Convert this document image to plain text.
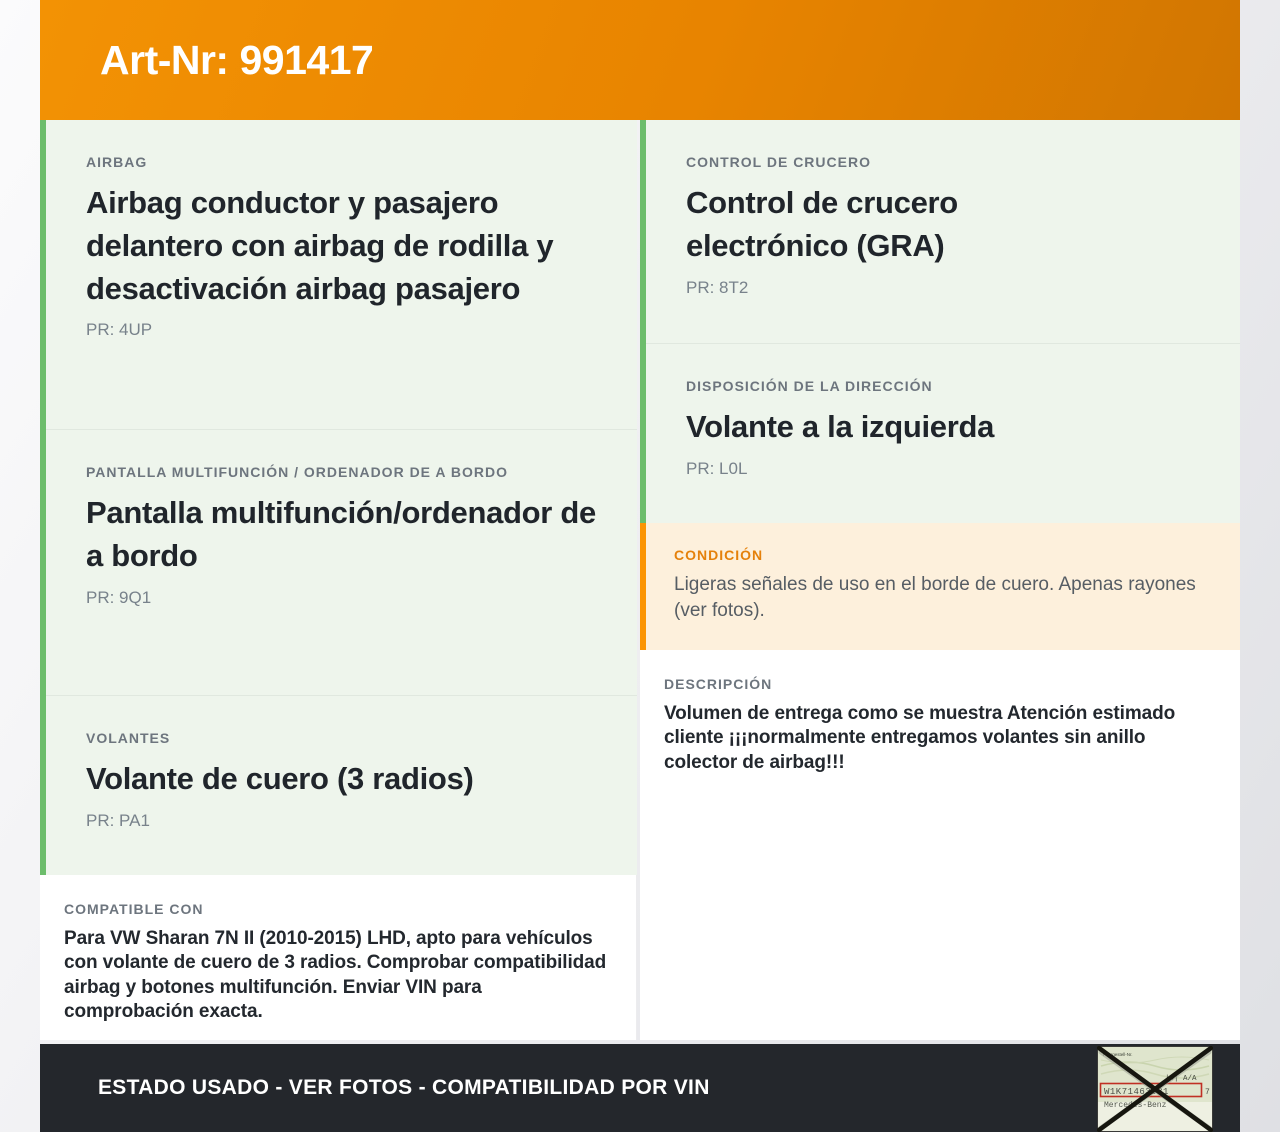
Art-Nr: 991417
AIRBAG
Airbag conductor y pasajero delantero con airbag de rodilla y desactivación airbag pasajero
PR: 4UP
PANTALLA MULTIFUNCIÓN / ORDENADOR DE A BORDO
Pantalla multifunción/ordenador de a bordo
PR: 9Q1
VOLANTES
Volante de cuero (3 radios)
PR: PA1
COMPATIBLE CON
Para VW Sharan 7N II (2010-2015) LHD, apto para vehículos con volante de cuero de 3 radios. Comprobar compatibilidad airbag y botones multifunción. Enviar VIN para comprobación exacta.
CONTROL DE CRUCERO
Control de crucero electrónico (GRA)
PR: 8T2
DISPOSICIÓN DE LA DIRECCIÓN
Volante a la izquierda
PR: L0L
CONDICIÓN
Ligeras señales de uso en el borde de cuero. Apenas rayones (ver fotos).
DESCRIPCIÓN
Volumen de entrega como se muestra Atención estimado cliente ¡¡¡normalmente entregamos volantes sin anillo colector de airbag!!!
ESTADO USADO - VER FOTOS - COMPATIBILIDAD POR VIN
Fahrgestell-Nr.
|4| A/A
W1K71463J31	7
Mercedes-Benz
